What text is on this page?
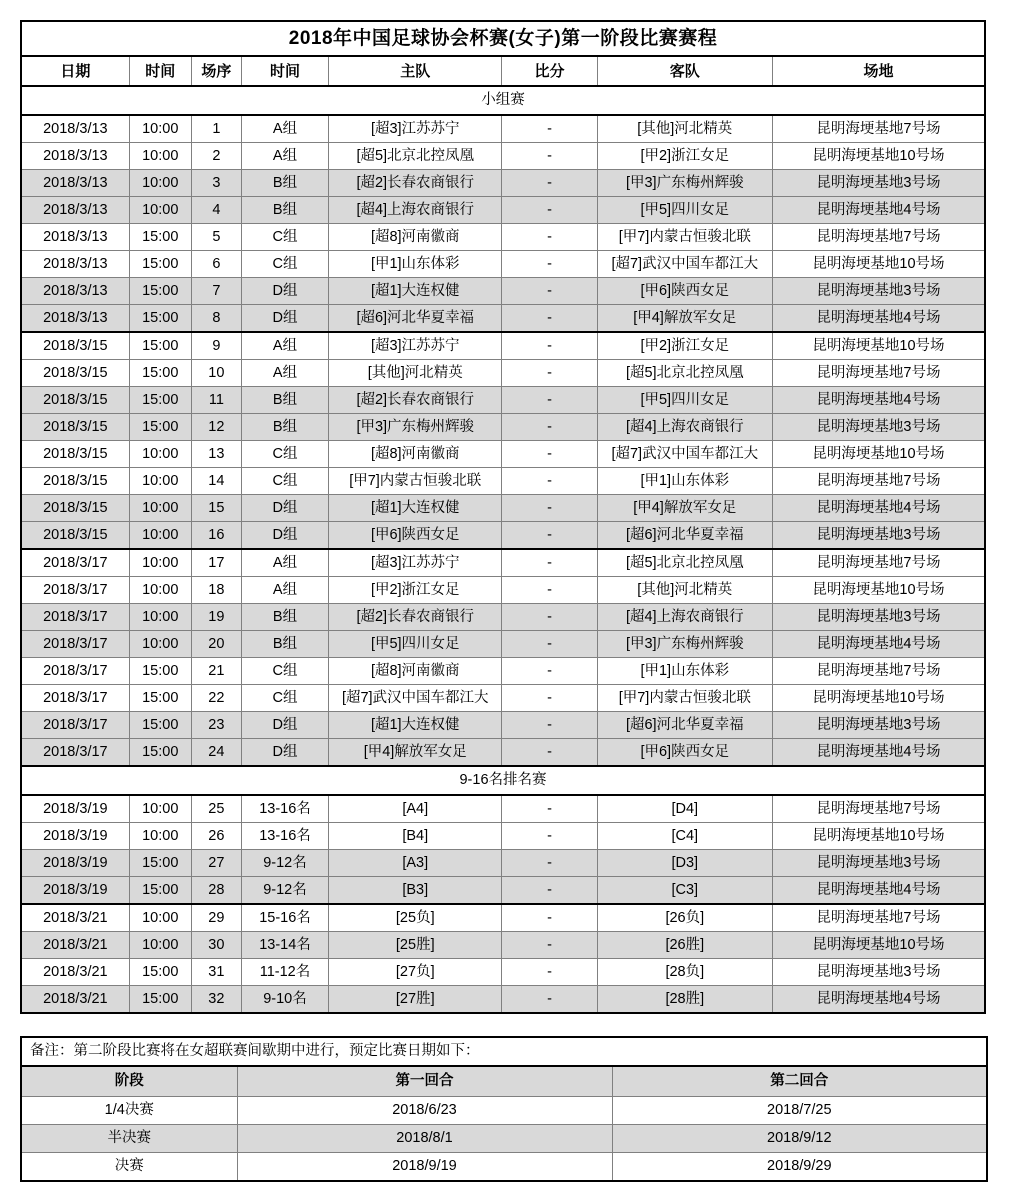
2018年中国足球协会杯赛(女子)第一阶段比赛赛程							
日期	时间	场序	时间	主队	比分	客队	场地
小组赛							
2018/3/13	10:00	1	A组	[超3]江苏苏宁	-	[其他]河北精英	昆明海埂基地7号场
2018/3/13	10:00	2	A组	[超5]北京北控凤凰	-	[甲2]浙江女足	昆明海埂基地10号场
2018/3/13	10:00	3	B组	[超2]长春农商银行	-	[甲3]广东梅州辉骏	昆明海埂基地3号场
2018/3/13	10:00	4	B组	[超4]上海农商银行	-	[甲5]四川女足	昆明海埂基地4号场
2018/3/13	15:00	5	C组	[超8]河南徽商	-	[甲7]内蒙古恒骏北联	昆明海埂基地7号场
2018/3/13	15:00	6	C组	[甲1]山东体彩	-	[超7]武汉中国车都江大	昆明海埂基地10号场
2018/3/13	15:00	7	D组	[超1]大连权健	-	[甲6]陕西女足	昆明海埂基地3号场
2018/3/13	15:00	8	D组	[超6]河北华夏幸福	-	[甲4]解放军女足	昆明海埂基地4号场
2018/3/15	15:00	9	A组	[超3]江苏苏宁	-	[甲2]浙江女足	昆明海埂基地10号场
2018/3/15	15:00	10	A组	[其他]河北精英	-	[超5]北京北控凤凰	昆明海埂基地7号场
2018/3/15	15:00	11	B组	[超2]长春农商银行	-	[甲5]四川女足	昆明海埂基地4号场
2018/3/15	15:00	12	B组	[甲3]广东梅州辉骏	-	[超4]上海农商银行	昆明海埂基地3号场
2018/3/15	10:00	13	C组	[超8]河南徽商	-	[超7]武汉中国车都江大	昆明海埂基地10号场
2018/3/15	10:00	14	C组	[甲7]内蒙古恒骏北联	-	[甲1]山东体彩	昆明海埂基地7号场
2018/3/15	10:00	15	D组	[超1]大连权健	-	[甲4]解放军女足	昆明海埂基地4号场
2018/3/15	10:00	16	D组	[甲6]陕西女足	-	[超6]河北华夏幸福	昆明海埂基地3号场
2018/3/17	10:00	17	A组	[超3]江苏苏宁	-	[超5]北京北控凤凰	昆明海埂基地7号场
2018/3/17	10:00	18	A组	[甲2]浙江女足	-	[其他]河北精英	昆明海埂基地10号场
2018/3/17	10:00	19	B组	[超2]长春农商银行	-	[超4]上海农商银行	昆明海埂基地3号场
2018/3/17	10:00	20	B组	[甲5]四川女足	-	[甲3]广东梅州辉骏	昆明海埂基地4号场
2018/3/17	15:00	21	C组	[超8]河南徽商	-	[甲1]山东体彩	昆明海埂基地7号场
2018/3/17	15:00	22	C组	[超7]武汉中国车都江大	-	[甲7]内蒙古恒骏北联	昆明海埂基地10号场
2018/3/17	15:00	23	D组	[超1]大连权健	-	[超6]河北华夏幸福	昆明海埂基地3号场
2018/3/17	15:00	24	D组	[甲4]解放军女足	-	[甲6]陕西女足	昆明海埂基地4号场
9-16名排名赛							
2018/3/19	10:00	25	13-16名	[A4]	-	[D4]	昆明海埂基地7号场
2018/3/19	10:00	26	13-16名	[B4]	-	[C4]	昆明海埂基地10号场
2018/3/19	15:00	27	9-12名	[A3]	-	[D3]	昆明海埂基地3号场
2018/3/19	15:00	28	9-12名	[B3]	-	[C3]	昆明海埂基地4号场
2018/3/21	10:00	29	15-16名	[25负]	-	[26负]	昆明海埂基地7号场
2018/3/21	10:00	30	13-14名	[25胜]	-	[26胜]	昆明海埂基地10号场
2018/3/21	15:00	31	11-12名	[27负]	-	[28负]	昆明海埂基地3号场
2018/3/21	15:00	32	9-10名	[27胜]	-	[28胜]	昆明海埂基地4号场
备注：第二阶段比赛将在女超联赛间歇期中进行，预定比赛日期如下：		
阶段	第一回合	第二回合
1/4决赛	2018/6/23	2018/7/25
半决赛	2018/8/1	2018/9/12
决赛	2018/9/19	2018/9/29
